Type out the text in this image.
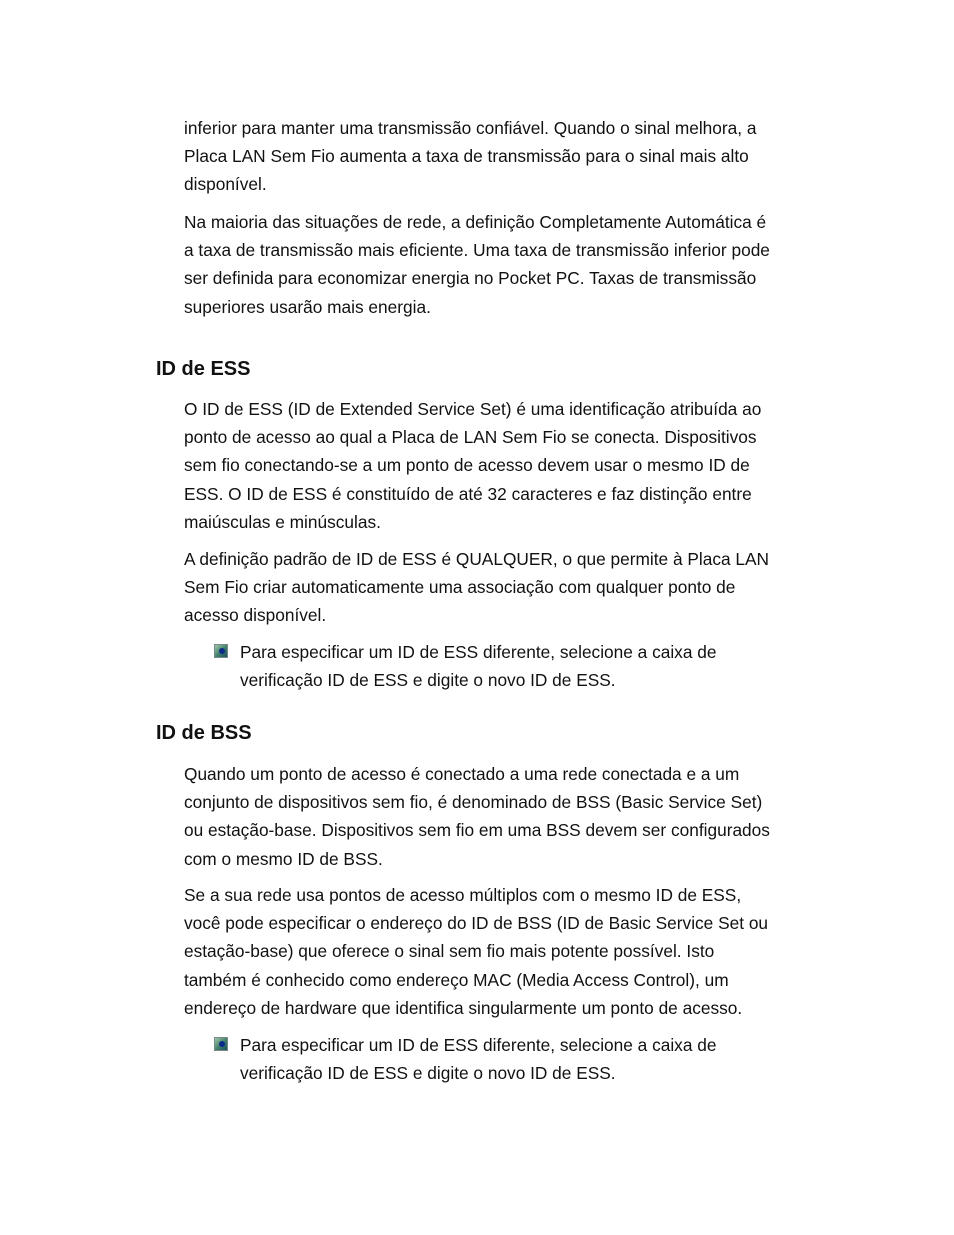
inferior para manter uma transmissão confiável. Quando o sinal melhora, a
Placa LAN Sem Fio aumenta a taxa de transmissão para o sinal mais alto
disponível.

Na maioria das situações de rede, a definição Completamente Automática é
a taxa de transmissão mais eficiente. Uma taxa de transmissão inferior pode
ser definida para economizar energia no Pocket PC. Taxas de transmissão
superiores usarão mais energia.

ID de ESS

O ID de ESS (ID de Extended Service Set) é uma identificação atribuída ao
ponto de acesso ao qual a Placa de LAN Sem Fio se conecta. Dispositivos
sem fio conectando-se a um ponto de acesso devem usar o mesmo ID de
ESS. O ID de ESS é constituído de até 32 caracteres e faz distinção entre
maiúsculas e minúsculas.

A definição padrão de ID de ESS é QUALQUER, o que permite à Placa LAN
Sem Fio criar automaticamente uma associação com qualquer ponto de
acesso disponível.

Para especificar um ID de ESS diferente, selecione a caixa de
verificação ID de ESS e digite o novo ID de ESS.
ID de BSS

Quando um ponto de acesso é conectado a uma rede conectada e a um
conjunto de dispositivos sem fio, é denominado de BSS (Basic Service Set)
ou estação-base. Dispositivos sem fio em uma BSS devem ser configurados
com o mesmo ID de BSS.

Se a sua rede usa pontos de acesso múltiplos com o mesmo ID de ESS,
você pode especificar o endereço do ID de BSS (ID de Basic Service Set ou
estação-base) que oferece o sinal sem fio mais potente possível. Isto
também é conhecido como endereço MAC (Media Access Control), um
endereço de hardware que identifica singularmente um ponto de acesso.

Para especificar um ID de ESS diferente, selecione a caixa de
verificação ID de ESS e digite o novo ID de ESS.
